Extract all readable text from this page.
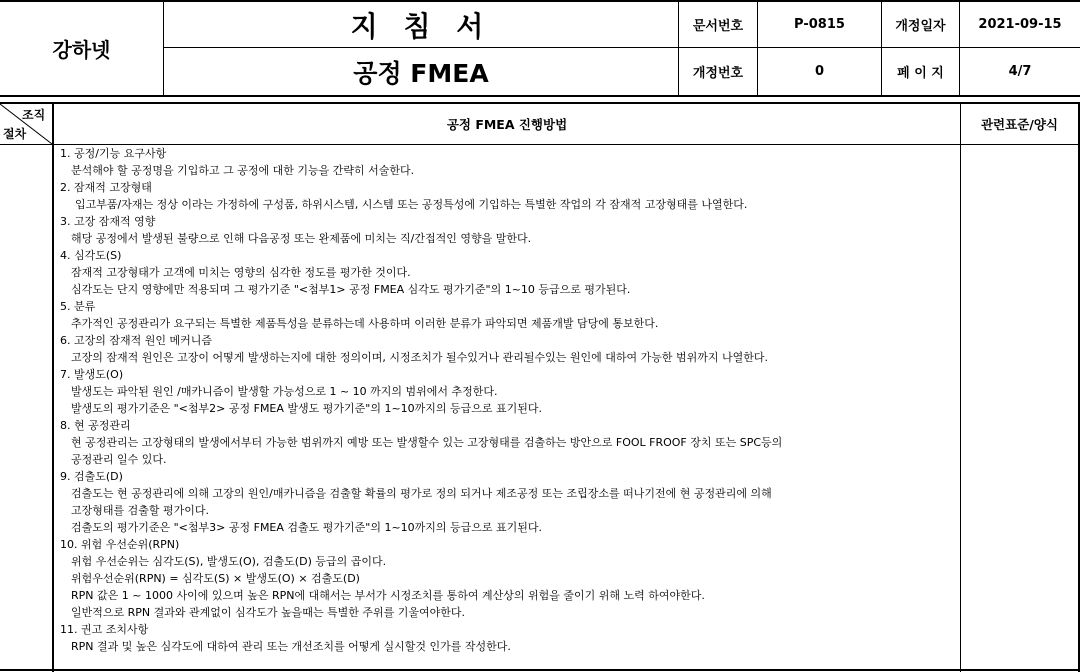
강하넷
지 침 서
공정 FMEA
문서번호	P-0815	개정일자	2021-09-15
개정번호	0	페 이 지	4/7
조직
절차
공정 FMEA 진행방법	관련표준/양식
1. 공정/기능 요구사항
분석해야 할 공정명을 기입하고 그 공정에 대한 기능을 간략히 서술한다.
2. 잠재적 고장형태
입고부품/자재는 정상 이라는 가정하에 구성품, 하위시스템, 시스템 또는 공정특성에 기입하는 특별한 작업의 각 잠재적 고장형태를 나열한다.
3. 고장 잠재적 영향
해당 공정에서 발생된 불량으로 인해 다음공정 또는 완제품에 미치는 직/간접적인 영향을 말한다.
4. 심각도(S)
잠재적 고장형태가 고객에 미치는 영향의 심각한 정도를 평가한 것이다.
심각도는 단지 영향에만 적용되며 그 평가기준 "<첨부1> 공정 FMEA 심각도 평가기준"의 1~10 등급으로 평가된다.
5. 분류
추가적인 공정관리가 요구되는 특별한 제품특성을 분류하는데 사용하며 이러한 분류가 파악되면 제품개발 담당에 통보한다.
6. 고장의 잠재적 원인 메커니즘
고장의 잠재적 원인은 고장이 어떻게 발생하는지에 대한 정의이며, 시정조치가 될수있거나 관리될수있는 원인에 대하여 가능한 범위까지 나열한다.
7. 발생도(O)
발생도는 파악된 원인 /매카니즘이 발생할 가능성으로 1 ~ 10 까지의 범위에서 추정한다.
발생도의 평가기준은 "<첨부2> 공정 FMEA 발생도 평가기준"의 1~10까지의 등급으로 표기된다.
8. 현 공정관리
현 공정관리는 고장형태의 발생에서부터 가능한 범위까지 예방 또는 발생할수 있는 고장형태를 검출하는 방안으로 FOOL FROOF 장치 또는 SPC등의
공정관리 일수 있다.
9. 검출도(D)
검출도는 현 공정관리에 의해 고장의 원인/매카니즘을 검출할 확률의 평가로 정의 되거나 제조공정 또는 조립장소를 떠나기전에 현 공정관리에 의해
고장형태를 검출할 평가이다.
검출도의 평가기준은 "<첨부3> 공정 FMEA 검출도 평가기준"의 1~10까지의 등급으로 표기된다.
10. 위험 우선순위(RPN)
위험 우선순위는 심각도(S), 발생도(O), 검출도(D) 등급의 곱이다.
위험우선순위(RPN) = 심각도(S) × 발생도(O) × 검출도(D)
RPN 값은 1 ~ 1000 사이에 있으며 높은 RPN에 대해서는 부서가 시정조치를 통하여 계산상의 위험을 줄이기 위해 노력 하여야한다.
일반적으로 RPN 결과와 관계없이 심각도가 높을때는 특별한 주위를 기울여야한다.
11. 권고 조치사항
RPN 결과 및 높은 심각도에 대하여 관리 또는 개선조치를 어떻게 실시할것 인가를 작성한다.
